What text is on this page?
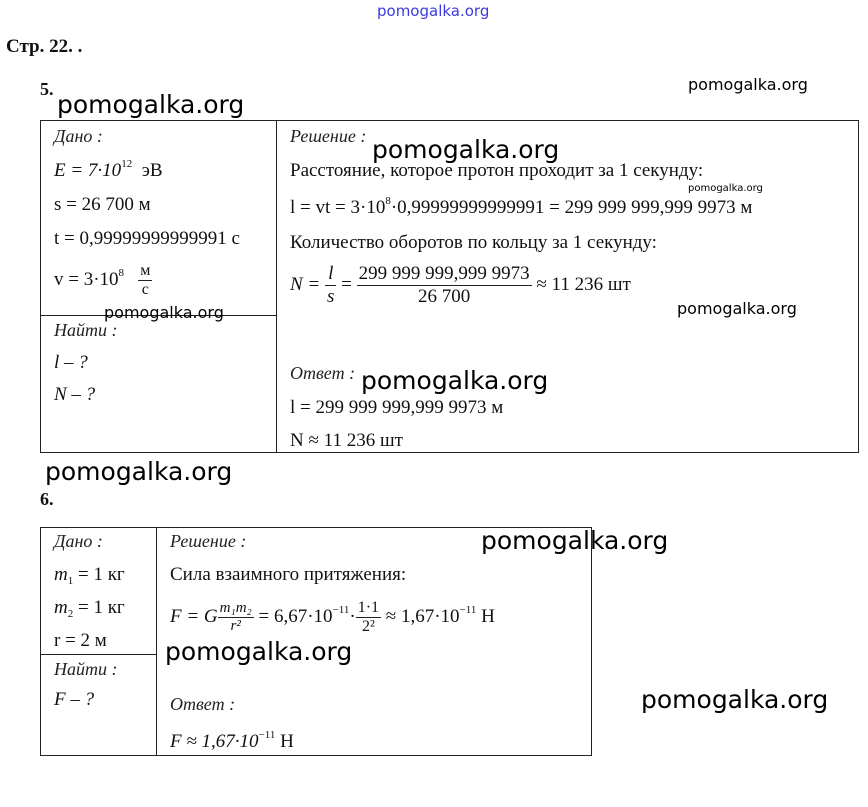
pomogalka.org
Стр. 22. .
5.
Дано :
$E = 7\cdot 10^{12}$ эВ
s = 26 700 м
t = 0,99999999999991 с
$v = 3\cdot 10^8 \frac{м}{с}$
Найти :
l – ?
N – ?
Решение :
Расстояние, которое протон проходит за 1 секунду:
l = vt = $3\cdot 10^8\cdot 0,99999999999991 = 299$ 999 999,999 9973 м
Количество оборотов по кольцу за 1 секунду:
$N = \frac{l}{s} = \frac{299 999 999,999 9973}{26 700} \approx 11$ 236 шт
Ответ :
l = 299 999 999,999 9973 м
N ≈ 11 236 шт
6.
Дано :
$m_1 = 1$ кг
$m_2 = 1$ кг
r = 2 м
Найти :
F – ?
Решение :
Сила взаимного притяжения:
F = G $\frac{\text{m₁m₂}}{\text{r²}} = 6,67\cdot 10^{-11}\cdot \frac{1\cdot 1}{\text{2²}} \approx 1,67\cdot 10^{-11}$ Н
Ответ :
$F \approx 1,67\cdot 10^{-11}$ Н
pomogalka.org
pomogalka.org
pomogalka.org
pomogalka.org
pomogalka.org	pomogalka.org
pomogalka.org
pomogalka.org
pomogalka.org
pomogalka.org
pomogalka.org
